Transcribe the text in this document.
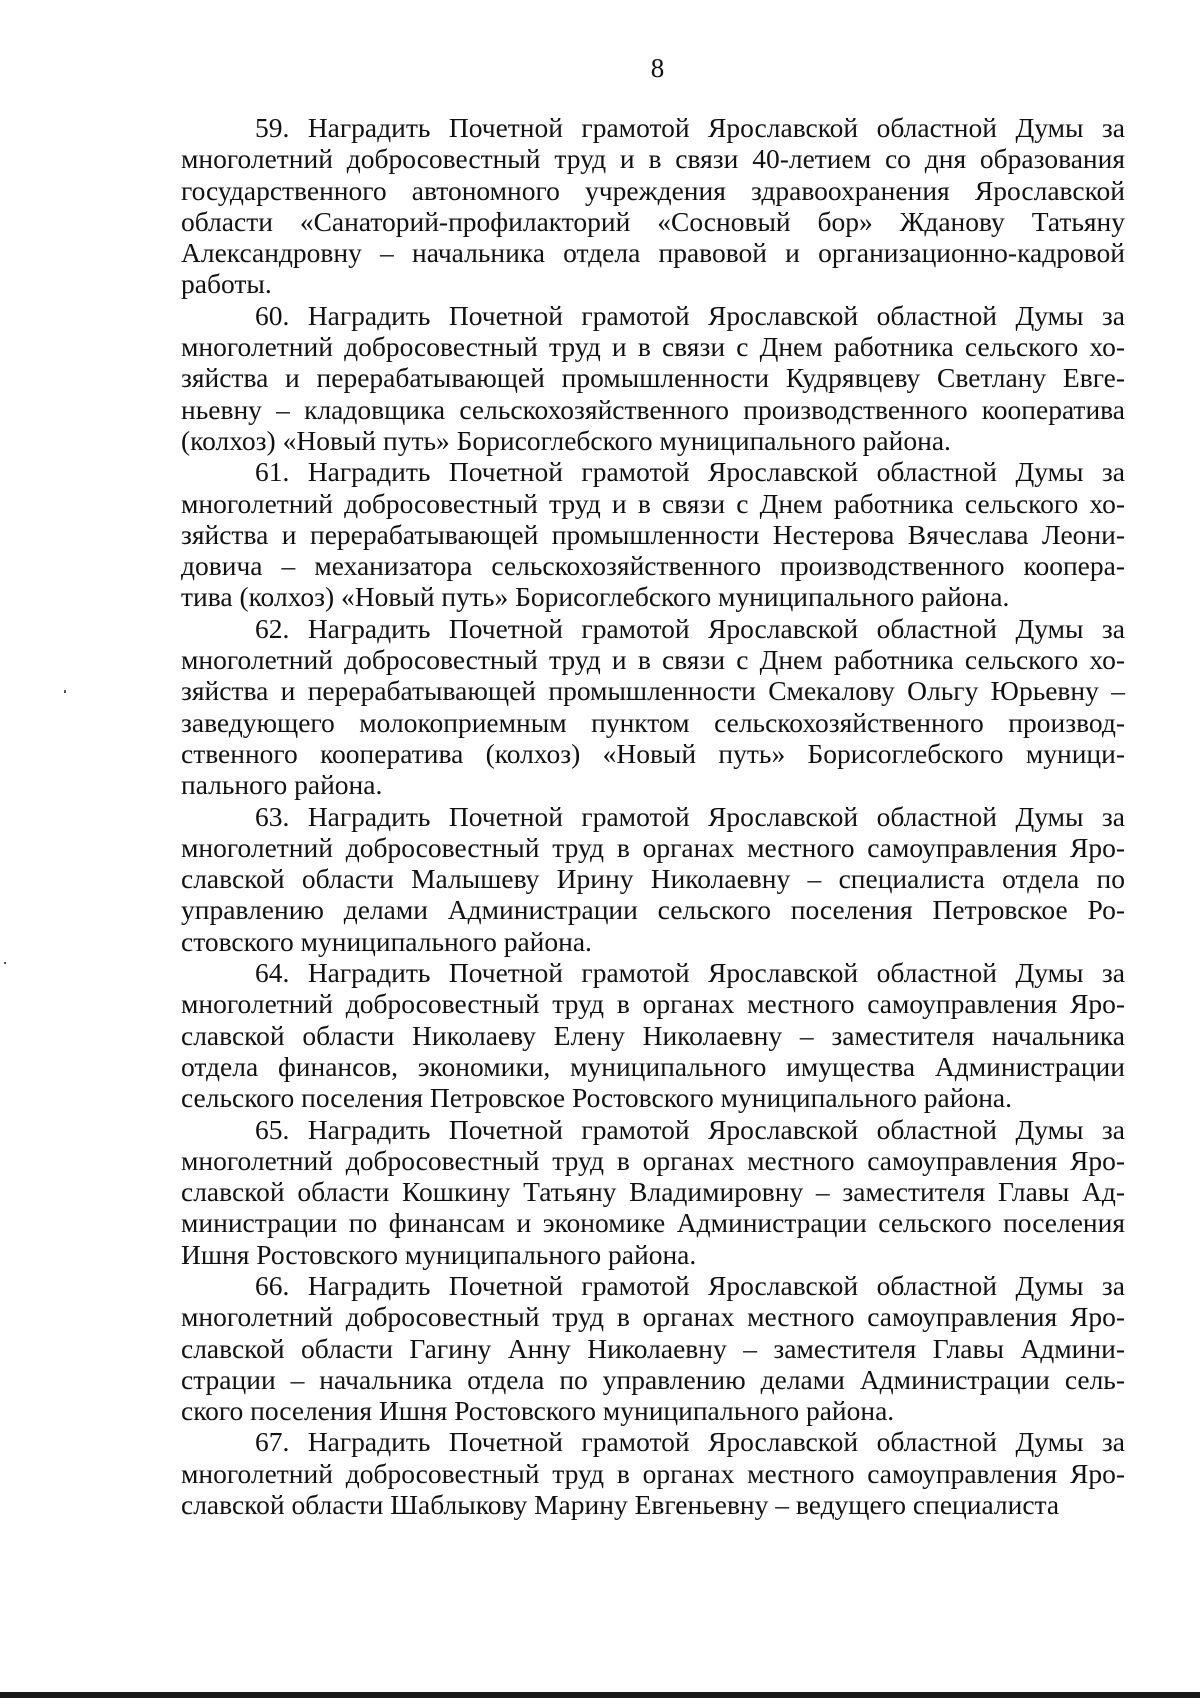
8
59. Наградить Почетной грамотой Ярославской областной Думы за
многолетний добросовестный труд и в связи 40-летием со дня образования
государственного автономного учреждения здравоохранения Ярославской
области «Санаторий-профилакторий «Сосновый бор» Жданову Татьяну
Александровну – начальника отдела правовой и организационно-кадровой
работы.
60. Наградить Почетной грамотой Ярославской областной Думы за
многолетний добросовестный труд и в связи с Днем работника сельского хо-
зяйства и перерабатывающей промышленности Кудрявцеву Светлану Евге-
ньевну – кладовщика сельскохозяйственного производственного кооператива
(колхоз) «Новый путь» Борисоглебского муниципального района.
61. Наградить Почетной грамотой Ярославской областной Думы за
многолетний добросовестный труд и в связи с Днем работника сельского хо-
зяйства и перерабатывающей промышленности Нестерова Вячеслава Леони-
довича – механизатора сельскохозяйственного производственного коопера-
тива (колхоз) «Новый путь» Борисоглебского муниципального района.
62. Наградить Почетной грамотой Ярославской областной Думы за
многолетний добросовестный труд и в связи с Днем работника сельского хо-
зяйства и перерабатывающей промышленности Смекалову Ольгу Юрьевну –
заведующего молокоприемным пунктом сельскохозяйственного производ-
ственного кооператива (колхоз) «Новый путь» Борисоглебского муници-
пального района.
63. Наградить Почетной грамотой Ярославской областной Думы за
многолетний добросовестный труд в органах местного самоуправления Яро-
славской области Малышеву Ирину Николаевну – специалиста отдела по
управлению делами Администрации сельского поселения Петровское Ро-
стовского муниципального района.
64. Наградить Почетной грамотой Ярославской областной Думы за
многолетний добросовестный труд в органах местного самоуправления Яро-
славской области Николаеву Елену Николаевну – заместителя начальника
отдела финансов, экономики, муниципального имущества Администрации
сельского поселения Петровское Ростовского муниципального района.
65. Наградить Почетной грамотой Ярославской областной Думы за
многолетний добросовестный труд в органах местного самоуправления Яро-
славской области Кошкину Татьяну Владимировну – заместителя Главы Ад-
министрации по финансам и экономике Администрации сельского поселения
Ишня Ростовского муниципального района.
66. Наградить Почетной грамотой Ярославской областной Думы за
многолетний добросовестный труд в органах местного самоуправления Яро-
славской области Гагину Анну Николаевну – заместителя Главы Админи-
страции – начальника отдела по управлению делами Администрации сель-
ского поселения Ишня Ростовского муниципального района.
67. Наградить Почетной грамотой Ярославской областной Думы за
многолетний добросовестный труд в органах местного самоуправления Яро-
славской области Шаблыкову Марину Евгеньевну – ведущего специалиста
